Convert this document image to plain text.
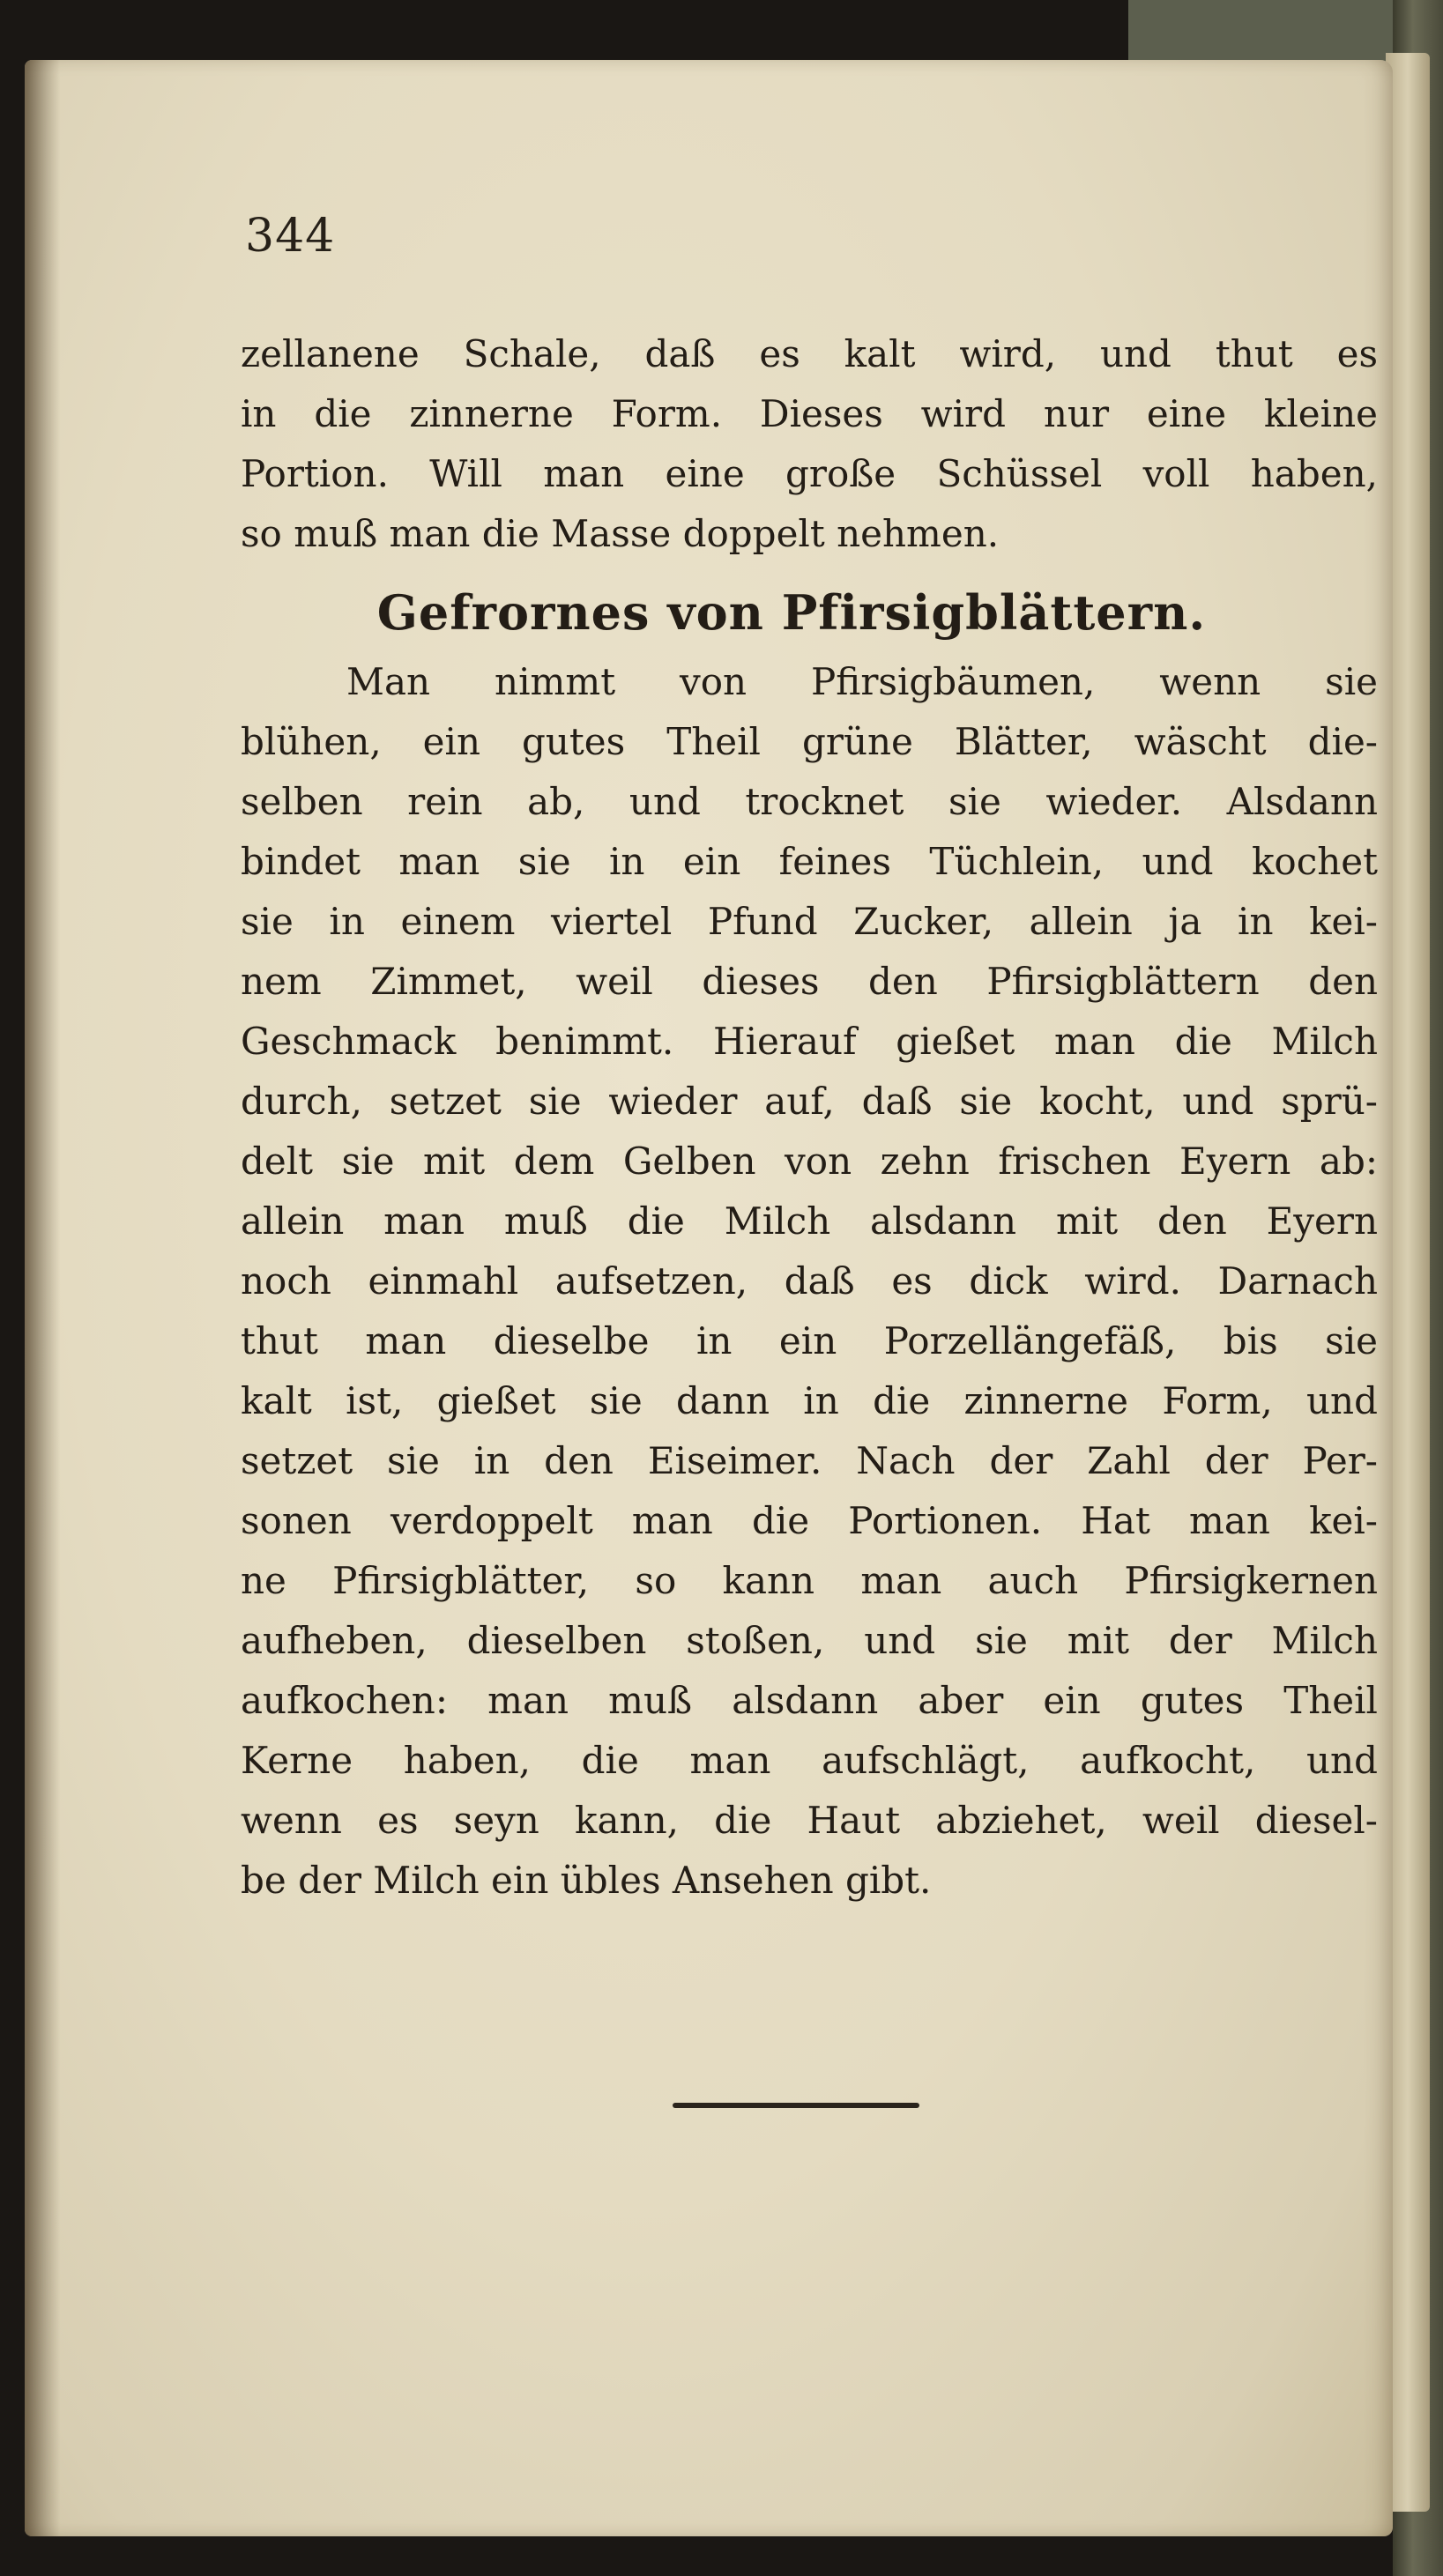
344
zellanene Schale, daß es kalt wird, und thut es
in die zinnerne Form. Dieses wird nur eine kleine
Portion. Will man eine große Schüssel voll haben,
so muß man die Masse doppelt nehmen.
Gefrornes von Pfirsigblättern.
Man nimmt von Pfirsigbäumen, wenn sie
blühen, ein gutes Theil grüne Blätter, wäscht die-
selben rein ab, und trocknet sie wieder. Alsdann
bindet man sie in ein feines Tüchlein, und kochet
sie in einem viertel Pfund Zucker, allein ja in kei-
nem Zimmet, weil dieses den Pfirsigblättern den
Geschmack benimmt. Hierauf gießet man die Milch
durch, setzet sie wieder auf, daß sie kocht, und sprü-
delt sie mit dem Gelben von zehn frischen Eyern ab:
allein man muß die Milch alsdann mit den Eyern
noch einmahl aufsetzen, daß es dick wird. Darnach
thut man dieselbe in ein Porzellängefäß, bis sie
kalt ist, gießet sie dann in die zinnerne Form, und
setzet sie in den Eiseimer. Nach der Zahl der Per-
sonen verdoppelt man die Portionen. Hat man kei-
ne Pfirsigblätter, so kann man auch Pfirsigkernen
aufheben, dieselben stoßen, und sie mit der Milch
aufkochen: man muß alsdann aber ein gutes Theil
Kerne haben, die man aufschlägt, aufkocht, und
wenn es seyn kann, die Haut abziehet, weil diesel-
be der Milch ein übles Ansehen gibt.
